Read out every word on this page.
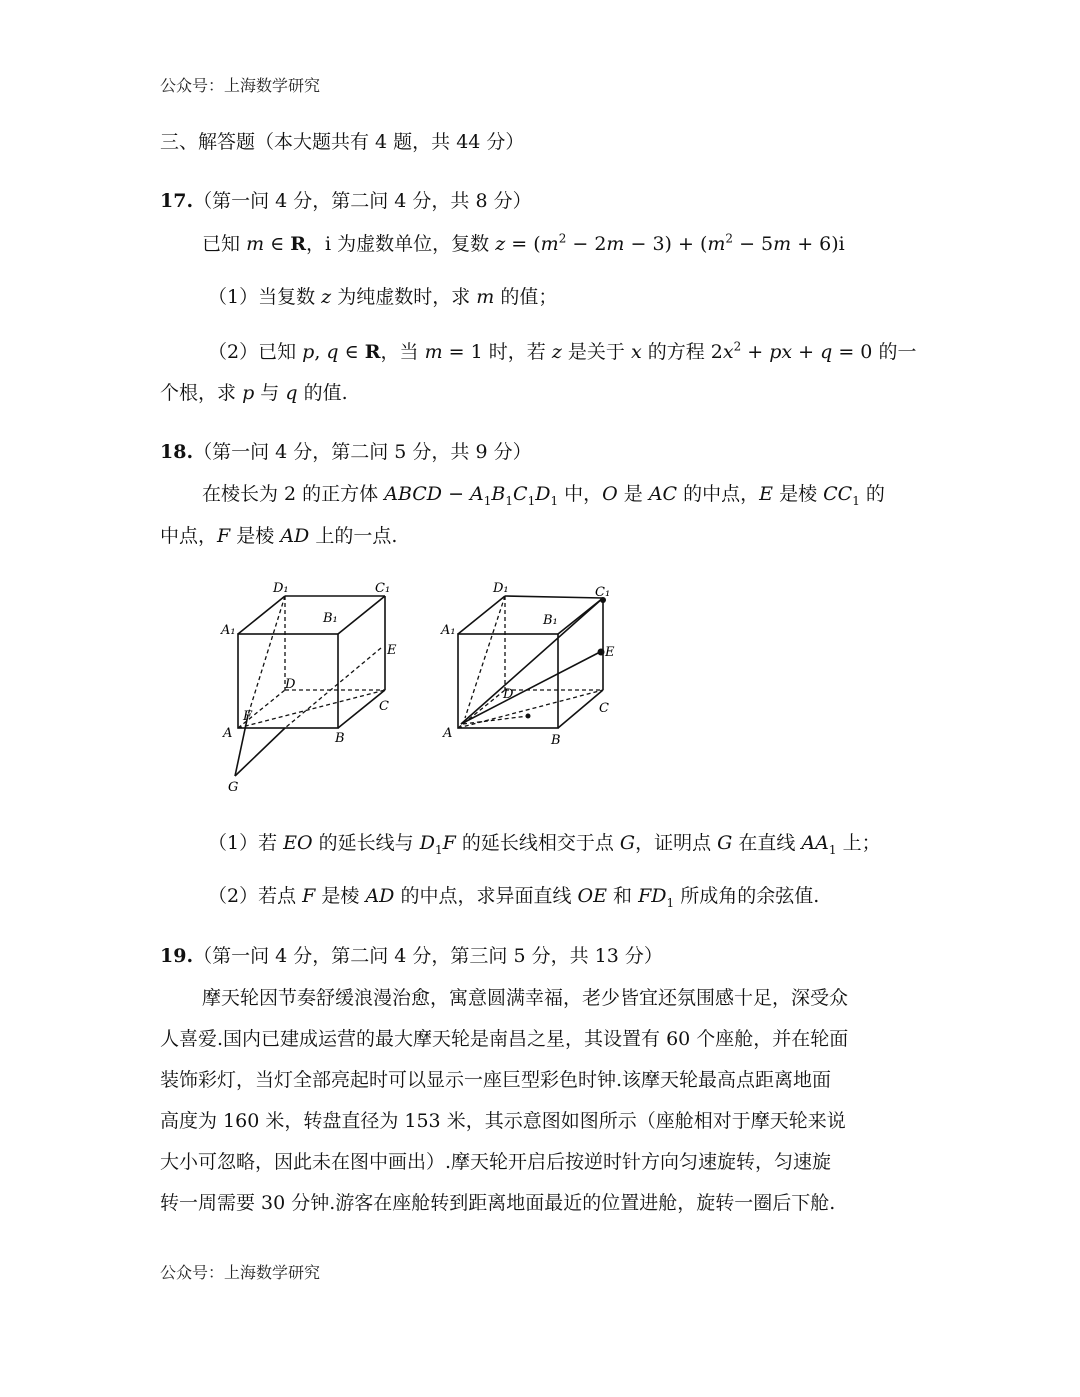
公众号：上海数学研究
三、解答题（本大题共有 4 题，共 44 分）
17.（第一问 4 分，第二问 4 分，共 8 分）
已知 m ∈ R，i 为虚数单位，复数 $z = (m^2 - 2m - 3) + (m^2 - 5m + 6)i$
（1）当复数 z 为纯虚数时，求 m 的值；
（2）已知 p, q ∈ R，当 m = 1 时，若 z 是关于 x 的方程 $2x^2$ + px + q = 0 的一
个根，求 p 与 q 的值.
18.（第一问 4 分，第二问 5 分，共 9 分）
在棱长为 2 的正方体 ABCD − $A_1B_1C_1D_1$ 中，O 是 AC 的中点，E 是棱 $CC_1$ 的
中点，F 是棱 AD 上的一点.
D₁	C₁
A₁
B₁
E
D
F
C
A	B
G
D₁	C₁
A₁
B₁
E
D
C
A	B
（1）若 EO 的延长线与 $D_1F$ 的延长线相交于点 G，证明点 G 在直线 $AA_1$ 上；
（2）若点 F 是棱 AD 的中点，求异面直线 OE 和 $FD_1$ 所成角的余弦值.
19.（第一问 4 分，第二问 4 分，第三问 5 分，共 13 分）
摩天轮因节奏舒缓浪漫治愈，寓意圆满幸福，老少皆宜还氛围感十足，深受众
人喜爱.国内已建成运营的最大摩天轮是南昌之星，其设置有 60 个座舱，并在轮面
装饰彩灯，当灯全部亮起时可以显示一座巨型彩色时钟.该摩天轮最高点距离地面
高度为 160 米，转盘直径为 153 米，其示意图如图所示（座舱相对于摩天轮来说
大小可忽略，因此未在图中画出）.摩天轮开启后按逆时针方向匀速旋转，匀速旋
转一周需要 30 分钟.游客在座舱转到距离地面最近的位置进舱，旋转一圈后下舱.
公众号：上海数学研究
